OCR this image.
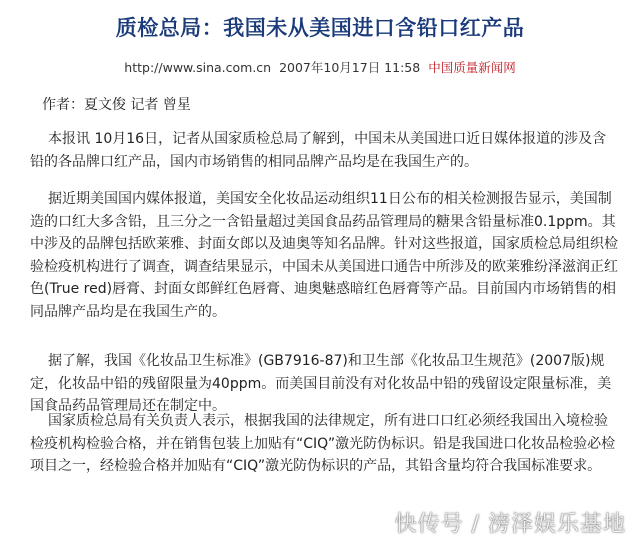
质检总局：我国未从美国进口含铅口红产品
http://www.sina.com.cn 2007年10月17日 11:58 中国质量新闻网
作者：夏文俊 记者 曾星

本报讯 10月16日，记者从国家质检总局了解到，中国未从美国进口近日媒体报道的涉及含铅的各品牌口红产品，国内市场销售的相同品牌产品均是在我国生产的。

据近期美国国内媒体报道，美国安全化妆品运动组织11日公布的相关检测报告显示，美国制造的口红大多含铅，且三分之一含铅量超过美国食品药品管理局的糖果含铅量标准0.1ppm。其中涉及的品牌包括欧莱雅、封面女郎以及迪奥等知名品牌。针对这些报道，国家质检总局组织检验检疫机构进行了调查，调查结果显示，中国未从美国进口通告中所涉及的欧莱雅纷泽滋润正红色(True red)唇膏、封面女郎鲜红色唇膏、迪奥魅惑暗红色唇膏等产品。目前国内市场销售的相同品牌产品均是在我国生产的。

据了解，我国《化妆品卫生标准》(GB7916-87)和卫生部《化妆品卫生规范》(2007版)规定，化妆品中铅的残留限量为40ppm。而美国目前没有对化妆品中铅的残留设定限量标准，美国食品药品管理局还在制定中。

国家质检总局有关负责人表示，根据我国的法律规定，所有进口口红必须经我国出入境检验检疫机构检验合格，并在销售包装上加贴有“CIQ”激光防伪标识。铅是我国进口化妆品检验必检项目之一，经检验合格并加贴有“CIQ”激光防伪标识的产品，其铅含量均符合我国标准要求。

快传号 / 滂泽娱乐基地
